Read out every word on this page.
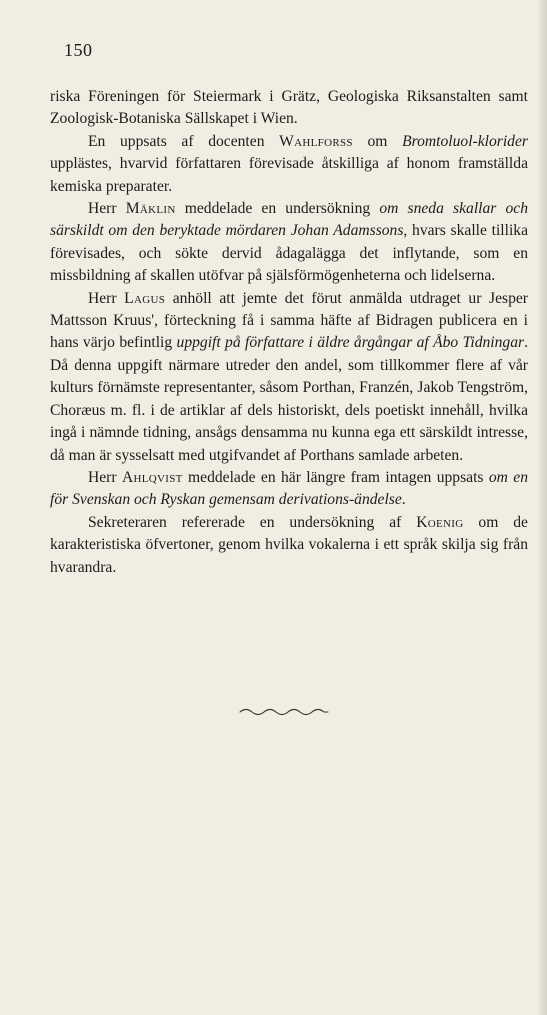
150

riska Föreningen för Steiermark i Grätz, Geologiska Riksanstalten samt Zoologisk-Botaniska Sällskapet i Wien.

En uppsats af docenten Wahlforss om Bromtoluol-klorider upplästes, hvarvid författaren förevisade åtskilliga af honom framställda kemiska preparater.

Herr Mäklin meddelade en undersökning om sneda skallar och särskildt om den beryktade mördaren Johan Adamssons, hvars skalle tillika förevisades, och sökte dervid ådagalägga det inflytande, som en missbildning af skallen utöfvar på själsförmögenheterna och lidelserna.

Herr Lagus anhöll att jemte det förut anmälda utdraget ur Jesper Mattsson Kruus', förteckning få i samma häfte af Bidragen publicera en i hans värjo befintlig uppgift på författare i äldre årgångar af Åbo Tidningar. Då denna uppgift närmare utreder den andel, som tillkommer flere af vår kulturs förnämste representanter, såsom Porthan, Franzén, Jakob Tengström, Choræus m. fl. i de artiklar af dels historiskt, dels poetiskt innehåll, hvilka ingå i nämnde tidning, ansågs densamma nu kunna ega ett särskildt intresse, då man är sysselsatt med utgifvandet af Porthans samlade arbeten.

Herr Ahlqvist meddelade en här längre fram intagen uppsats om en för Svenskan och Ryskan gemensam derivations-ändelse.

Sekreteraren refererade en undersökning af Koenig om de karakteristiska öfvertoner, genom hvilka vokalerna i ett språk skilja sig från hvarandra.
